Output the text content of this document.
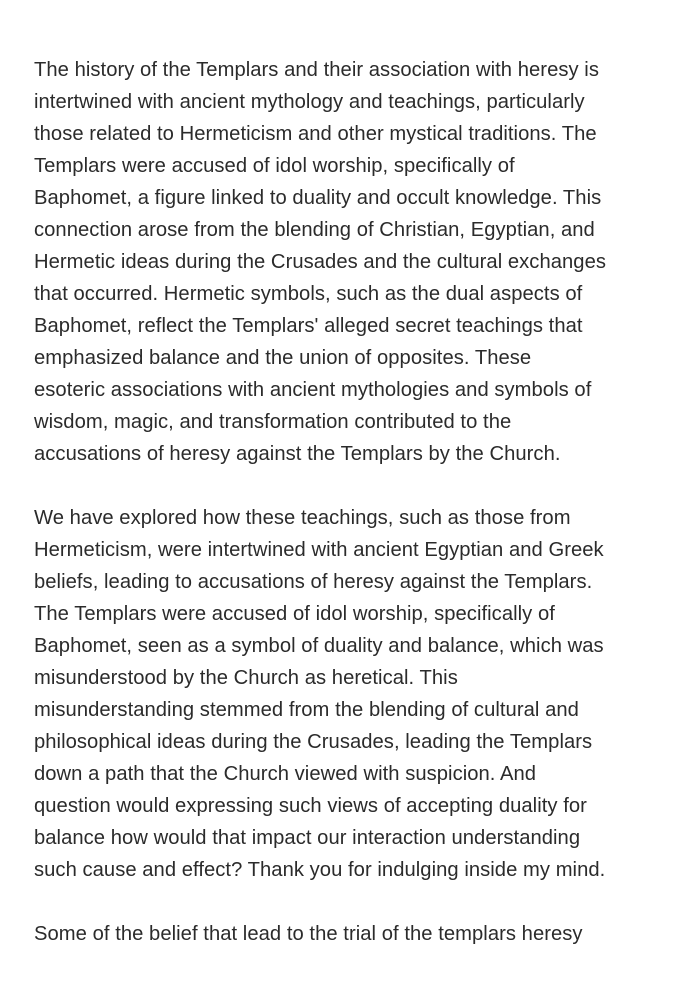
The history of the Templars and their association with heresy is
intertwined with ancient mythology and teachings, particularly
those related to Hermeticism and other mystical traditions. The
Templars were accused of idol worship, specifically of
Baphomet, a figure linked to duality and occult knowledge. This
connection arose from the blending of Christian, Egyptian, and
Hermetic ideas during the Crusades and the cultural exchanges
that occurred. Hermetic symbols, such as the dual aspects of
Baphomet, reflect the Templars' alleged secret teachings that
emphasized balance and the union of opposites. These
esoteric associations with ancient mythologies and symbols of
wisdom, magic, and transformation contributed to the
accusations of heresy against the Templars by the Church.

We have explored how these teachings, such as those from
Hermeticism, were intertwined with ancient Egyptian and Greek
beliefs, leading to accusations of heresy against the Templars.
The Templars were accused of idol worship, specifically of
Baphomet, seen as a symbol of duality and balance, which was
misunderstood by the Church as heretical. This
misunderstanding stemmed from the blending of cultural and
philosophical ideas during the Crusades, leading the Templars
down a path that the Church viewed with suspicion. And
question would expressing such views of accepting duality for
balance how would that impact our interaction understanding
such cause and effect? Thank you for indulging inside my mind.

Some of the belief that lead to the trial of the templars heresy
